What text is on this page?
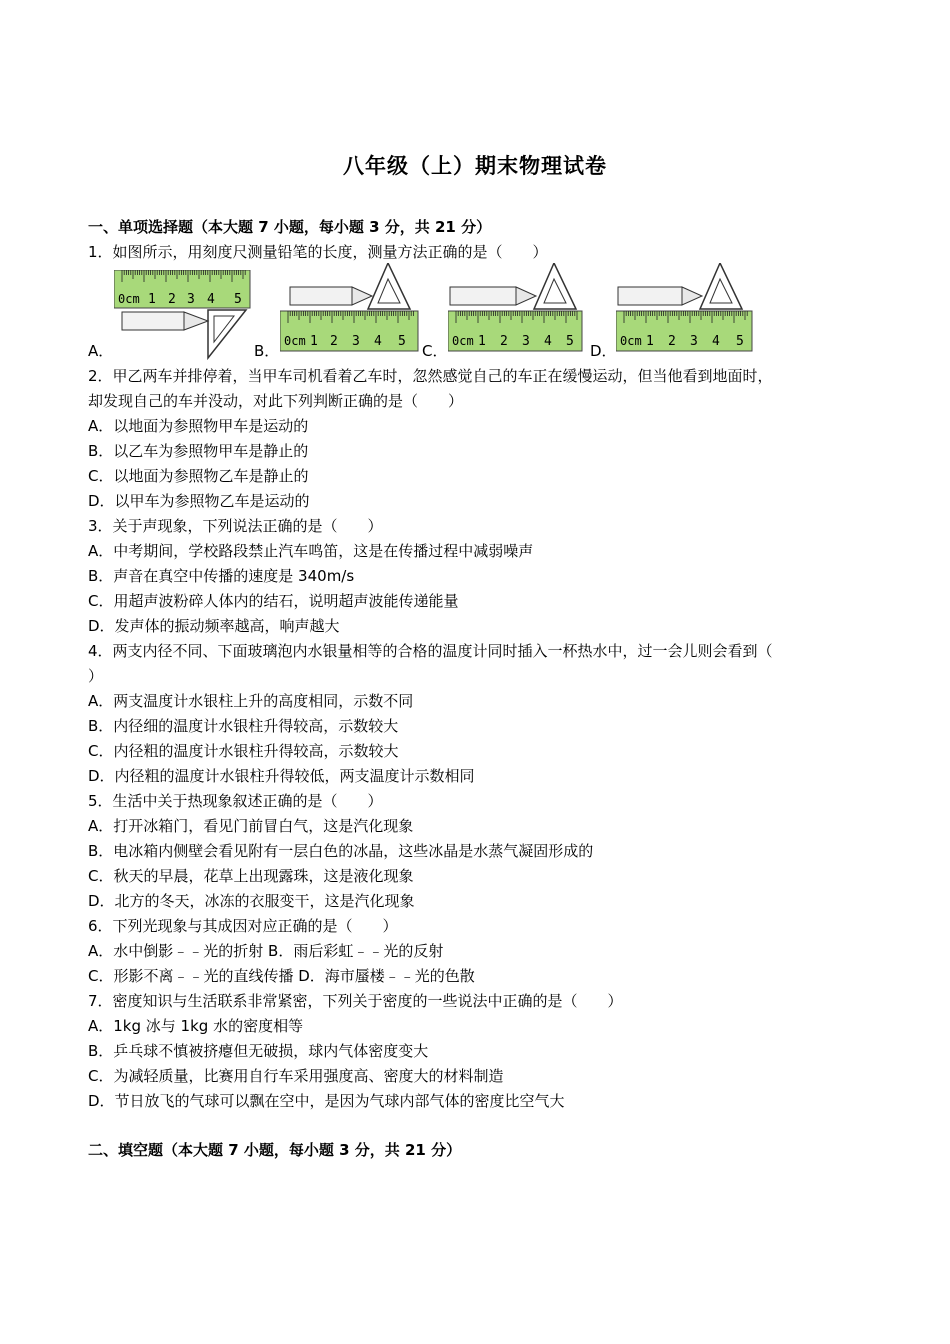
八年级（上）期末物理试卷
一、单项选择题（本大题 7 小题，每小题 3 分，共 21 分）
1．如图所示，用刻度尺测量铅笔的长度，测量方法正确的是（　　）
0cm 2 3 4 5
1
A．
0cm 1 2 3 4 5
B．
0cm 1 2 3 4 5
C．
0cm 1 2 3 4 5
D．
2．甲乙两车并排停着，当甲车司机看着乙车时，忽然感觉自己的车正在缓慢运动，但当他看到地面时，
却发现自己的车并没动，对此下列判断正确的是（　　）
A．以地面为参照物甲车是运动的
B．以乙车为参照物甲车是静止的
C．以地面为参照物乙车是静止的
D．以甲车为参照物乙车是运动的
3．关于声现象，下列说法正确的是（　　）
A．中考期间，学校路段禁止汽车鸣笛，这是在传播过程中减弱噪声
B．声音在真空中传播的速度是 340m/s
C．用超声波粉碎人体内的结石，说明超声波能传递能量
D．发声体的振动频率越高，响声越大
4．两支内径不同、下面玻璃泡内水银量相等的合格的温度计同时插入一杯热水中，过一会儿则会看到（
）
A．两支温度计水银柱上升的高度相同，示数不同
B．内径细的温度计水银柱升得较高，示数较大
C．内径粗的温度计水银柱升得较高，示数较大
D．内径粗的温度计水银柱升得较低，两支温度计示数相同
5．生活中关于热现象叙述正确的是（　　）
A．打开冰箱门，看见门前冒白气，这是汽化现象
B．电冰箱内侧壁会看见附有一层白色的冰晶，这些冰晶是水蒸气凝固形成的
C．秋天的早晨，花草上出现露珠，这是液化现象
D．北方的冬天，冰冻的衣服变干，这是汽化现象
6．下列光现象与其成因对应正确的是（　　）
A．水中倒影﹣﹣光的折射 B．雨后彩虹﹣﹣光的反射
C．形影不离﹣﹣光的直线传播 D．海市蜃楼﹣﹣光的色散
7．密度知识与生活联系非常紧密，下列关于密度的一些说法中正确的是（　　）
A．1kg 冰与 1kg 水的密度相等
B．乒乓球不慎被挤瘪但无破损，球内气体密度变大
C．为减轻质量，比赛用自行车采用强度高、密度大的材料制造
D．节日放飞的气球可以飘在空中，是因为气球内部气体的密度比空气大
二、填空题（本大题 7 小题，每小题 3 分，共 21 分）
